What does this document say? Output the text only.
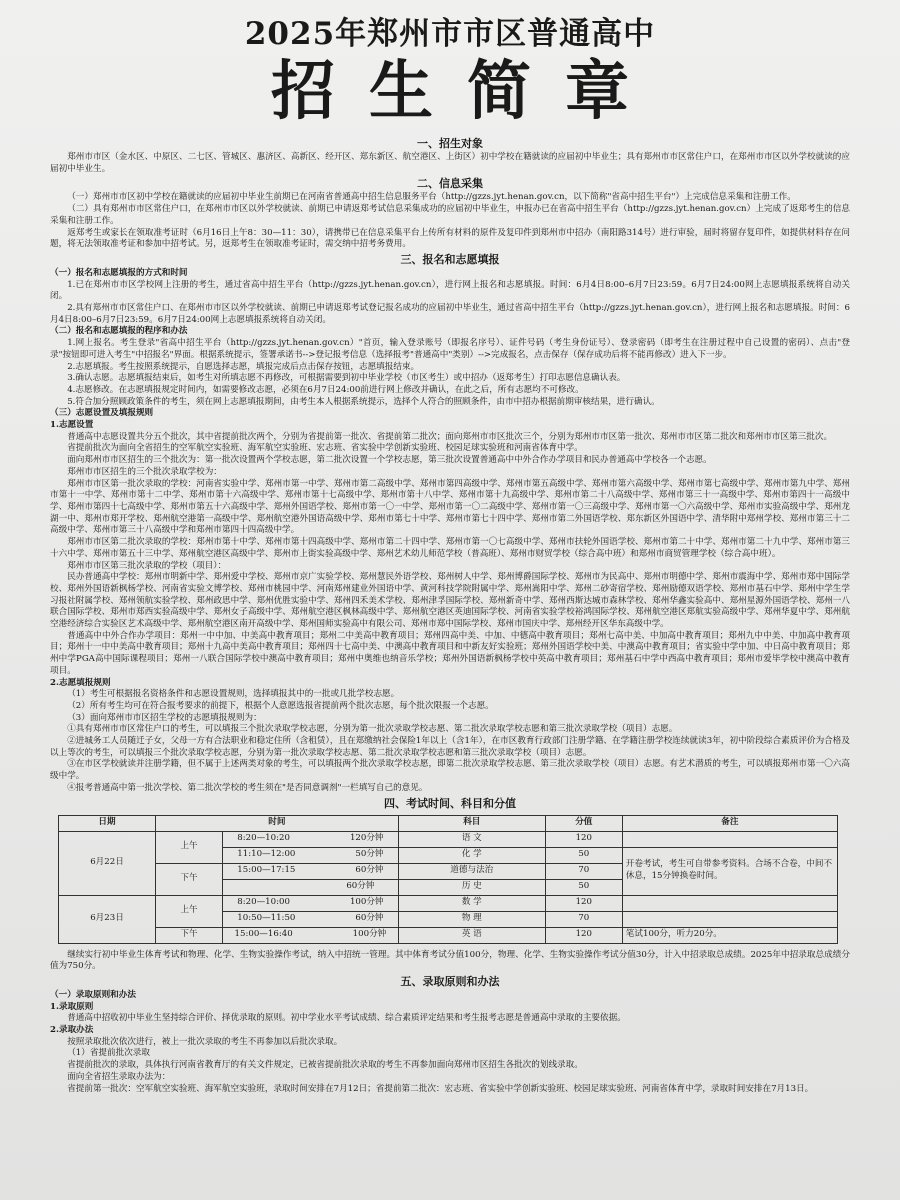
2025年郑州市市区普通高中
招生简章
一、招生对象

郑州市市区（金水区、中原区、二七区、管城区、惠济区、高新区、经开区、郑东新区、航空港区、上街区）初中学校在籍就读的应届初中毕业生；具有郑州市市区常住户口，在郑州市市区以外学校就读的应届初中毕业生。

二、信息采集

（一）郑州市市区初中学校在籍就读的应届初中毕业生前期已在河南省普通高中招生信息服务平台（http://gzzs.jyt.henan.gov.cn，以下简称"省高中招生平台"）上完成信息采集和注册工作。

（二）具有郑州市市区常住户口，在郑州市市区以外学校就读、前期已申请返郑考试信息采集成功的应届初中毕业生，申报办已在省高中招生平台（http://gzzs.jyt.henan.gov.cn）上完成了返郑考生的信息采集和注册工作。

返郑考生或家长在领取准考证时（6月16日上午8：30—11：30），请携带已在信息采集平台上传所有材料的原件及复印件到郑州市中招办（南阳路314号）进行审验，届时将留存复印件，如提供材料存在问题，将无法领取准考证和参加中招考试。另，返郑考生在领取准考证时，需交纳中招考务费用。

三、报名和志愿填报

（一）报名和志愿填报的方式和时间

1.已在郑州市市区学校网上注册的考生，通过省高中招生平台（http://gzzs.jyt.henan.gov.cn），进行网上报名和志愿填报。时间：6月4日8:00–6月7日23:59。6月7日24:00网上志愿填报系统将自动关闭。

2.具有郑州市市区常住户口、在郑州市市区以外学校就读、前期已申请返郑考试登记报名成功的应届初中毕业生，通过省高中招生平台（http://gzzs.jyt.henan.gov.cn），进行网上报名和志愿填报。时间：6月4日8:00–6月7日23:59。6月7日24:00网上志愿填报系统将自动关闭。

（二）报名和志愿填报的程序和办法

1.网上报名。考生登录"省高中招生平台（http://gzzs.jyt.henan.gov.cn）"首页，输入登录账号（即报名序号）、证件号码（考生身份证号）、登录密码（即考生在注册过程中自己设置的密码）、点击"登录"按钮即可进入考生"中招报名"界面。根据系统提示，签署承诺书-->登记报考信息（选择报考"普通高中"类别）-->完成报名，点击保存（保存成功后将不能再修改）进入下一步。

2.志愿填报。考生按照系统提示，自愿选择志愿，填报完成后点击保存按钮，志愿填报结束。

3.确认志愿。志愿填报结束后，如考生对所填志愿不再修改，可根据需要到初中毕业学校（市区考生）或中招办（返郑考生）打印志愿信息确认表。

4.志愿修改。在志愿填报规定时间内，如需要修改志愿，必须在6月7日24:00前进行网上修改并确认，在此之后，所有志愿均不可修改。

5.符合加分照顾政策条件的考生，须在网上志愿填报期间，由考生本人根据系统提示，选择个人符合的照顾条件，由市中招办根据前期审核结果，进行确认。

（三）志愿设置及填报规则

1.志愿设置

普通高中志愿设置共分五个批次，其中省提前批次两个，分别为省提前第一批次、省提前第二批次；面向郑州市市区批次三个，分别为郑州市市区第一批次、郑州市市区第二批次和郑州市市区第三批次。

省提前批次为面向全省招生的空军航空实验班、海军航空实验班、宏志班、省实验中学创新实验班、校园足球实验班和河南省体育中学。

面向郑州市市区招生的三个批次为：第一批次设置两个学校志愿，第二批次设置一个学校志愿，第三批次设置普通高中中外合作办学项目和民办普通高中学校各一个志愿。

郑州市市区招生的三个批次录取学校为：

郑州市市区第一批次录取的学校：河南省实验中学、郑州市第一中学、郑州市第二高级中学、郑州市第四高级中学、郑州市第五高级中学、郑州市第六高级中学、郑州市第七高级中学、郑州市第九中学、郑州市第十一中学、郑州市第十二中学、郑州市第十六高级中学、郑州市第十七高级中学、郑州市第十八中学、郑州市第十九高级中学、郑州市第二十八高级中学、郑州市第三十一高级中学、郑州市第四十一高级中学、郑州市第四十七高级中学、郑州市第五十六高级中学、郑州外国语学校、郑州市第一〇一中学、郑州市第一〇二高级中学、郑州市第一〇三高级中学、郑州市第一〇六高级中学、郑州市实验高级中学、郑州龙湖一中、郑州市郑开学校、郑州航空港第一高级中学、郑州航空港外国语高级中学、郑州市第七十中学、郑州市第七十四中学、郑州市第二外国语学校、郑东新区外国语中学、清华附中郑州学校、郑州市第三十二高级中学、郑州市第三十八高级中学和郑州市第四十四高级中学。

郑州市市区第二批次录取的学校：郑州市第十中学、郑州市第十四高级中学、郑州市第二十四中学、郑州市第一〇七高级中学、郑州市扶轮外国语学校、郑州市第二十中学、郑州市第二十九中学、郑州市第三十六中学、郑州市第五十三中学、郑州航空港区高级中学、郑州市上街实验高级中学、郑州艺术幼儿师范学校（普高班）、郑州市财贸学校（综合高中班）和郑州市商贸管理学校（综合高中班）。

郑州市市区第三批次录取的学校（项目）：

民办普通高中学校：郑州市明新中学、郑州爱中学校、郑州市京广实验学校、郑州慧民外语学校、郑州树人中学、郑州博爵国际学校、郑州市为民高中、郑州市明德中学、郑州市震海中学、郑州市郑中国际学校、郑州外国语新枫杨学校、河南省实验文博学校、郑州市桃园中学、河南郑州建业外国语中学、黄河科技学院附属中学、郑州嵩阳中学、郑州二砂寄宿学校、郑州励德双语学校、郑州市基石中学、郑州中学生学习报社附属学校、郑州领航实验学校、郑州政思中学、郑州优胜实验中学、郑州四禾美术学校、郑州津孚国际学校、郑州新奇中学、郑州西斯达城市森林学校、郑州华鑫实验高中、郑州星源外国语学校、郑州一八联合国际学校、郑州市郑西实验高级中学、郑州女子高级中学、郑州航空港区枫林高级中学、郑州航空港区英迪国际学校、河南省实验学校裕鸿国际学校、郑州航空港区郑航实验高级中学、郑州华夏中学、郑州航空港经济综合实验区艺术高级中学、郑州航空港区南开高级中学、郑州国师实验高中有限公司、郑州市郑中国际学校、郑州市国庆中学、郑州经开区华东高级中学。

普通高中中外合作办学项目：郑州一中中加、中美高中教育项目；郑州二中美高中教育项目；郑州四高中美、中加、中德高中教育项目；郑州七高中美、中加高中教育项目；郑州九中中美、中加高中教育项目；郑州十一中中美高中教育项目；郑州十九高中美高中教育项目；郑州四十七高中美、中澳高中教育项目和中新友好实验班；郑州外国语学校中美、中澳高中教育项目；省实验中学中加、中日高中教育项目；郑州中学PGA高中国际课程项目；郑州一八联合国际学校中澳高中教育项目；郑州中奥维也纳音乐学校；郑州外国语新枫杨学校中英高中教育项目；郑州基石中学中西高中教育项目；郑州市爱毕学校中澳高中教育项目。

2.志愿填报规则

（1）考生可根据报名资格条件和志愿设置规则，选择填报其中的一批或几批学校志愿。

（2）所有考生均可在符合报考要求的前提下，根据个人意愿选报省提前两个批次志愿，每个批次限报一个志愿。

（3）面向郑州市市区招生学校的志愿填报规则为：

①具有郑州市市区常住户口的考生，可以填报三个批次录取学校志愿，分别为第一批次录取学校志愿、第二批次录取学校志愿和第三批次录取学校（项目）志愿。

②进城务工人员随迁子女，父母一方有合法职业和稳定住所（含租赁），且在郑缴纳社会保险1年以上（含1年），在市区教育行政部门注册学籍、在学籍注册学校连续就读3年，初中阶段综合素质评价为合格及以上等次的考生，可以填报三个批次录取学校志愿，分别为第一批次录取学校志愿、第二批次录取学校志愿和第三批次录取学校（项目）志愿。

③在市区学校就读并注册学籍，但不属于上述两类对象的考生，可以填报两个批次录取学校志愿，即第二批次录取学校志愿、第三批次录取学校（项目）志愿。有艺术潜质的考生，可以填报郑州市第一〇六高级中学。

④报考普通高中第一批次学校、第二批次学校的考生须在"是否同意调剂"一栏填写自己的意见。

四、考试时间、科目和分值
日期	时间		科目	分值	备注
6月22日	上午	8:20—10:20 120分钟	语 文	120	
		11:10—12:00 50分钟	化 学	50	开卷考试，考生可自带参考资料。合场不合卷，中间不休息，15分钟换卷时间。
	下午	15:00—17:15 60分钟	道德与法治	70	
		60分钟	历 史	50	
6月23日	上午	8:20—10:00 100分钟	数 学	120	
		10:50—11:50 60分钟	物 理	70	
	下午	15:00—16:40 100分钟	英 语	120	笔试100分，听力20分。

继续实行初中毕业生体育考试和物理、化学、生物实验操作考试，纳入中招统一管理。其中体育考试分值100分，物理、化学、生物实验操作考试分值30分，计入中招录取总成绩。2025年中招录取总成绩分值为750分。

五、录取原则和办法

（一）录取原则和办法

1.录取原则

普通高中招收初中毕业生坚持综合评价、择优录取的原则。初中学业水平考试成绩、综合素质评定结果和考生报考志愿是普通高中录取的主要依据。

2.录取办法

按照录取批次依次进行，被上一批次录取的考生不再参加以后批次录取。

（1）省提前批次录取

省提前批次的录取，具体执行河南省教育厅的有关文件规定，已被省提前批次录取的考生不再参加面向郑州市区招生各批次的划线录取。

面向全省招生录取办法为：

省提前第一批次：空军航空实验班、海军航空实验班，录取时间安排在7月12日；省提前第二批次：宏志班、省实验中学创新实验班、校园足球实验班、河南省体育中学，录取时间安排在7月13日。
